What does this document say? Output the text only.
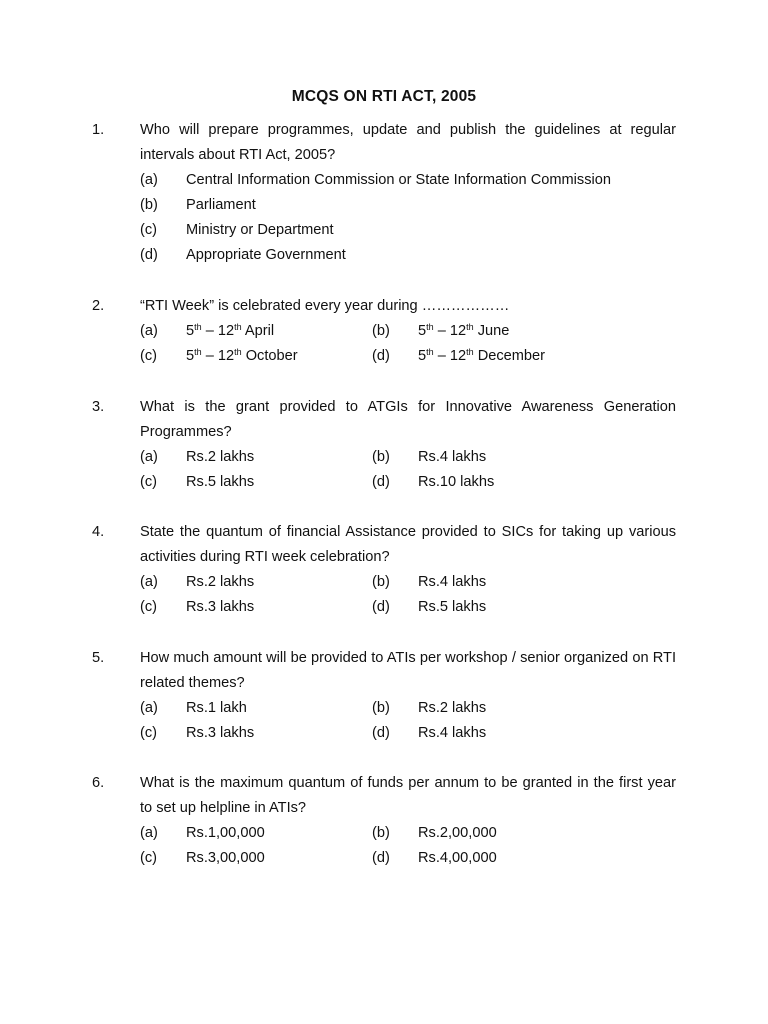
MCQS ON RTI ACT, 2005
1.	Who will prepare programmes, update and publish the guidelines at regular intervals about RTI Act, 2005?
(a) Central Information Commission or State Information Commission
(b) Parliament
(c) Ministry or Department
(d) Appropriate Government
2.	“RTI Week” is celebrated every year during ………………
(a) 5th – 12th April	(b) 5th – 12th June
(c) 5th – 12th October	(d) 5th – 12th December
3.	What is the grant provided to ATGIs for Innovative Awareness Generation Programmes?
(a) Rs.2 lakhs	(b) Rs.4 lakhs
(c) Rs.5 lakhs	(d) Rs.10 lakhs
4.	State the quantum of financial Assistance provided to SICs for taking up various activities during RTI week celebration?
(a) Rs.2 lakhs	(b) Rs.4 lakhs
(c) Rs.3 lakhs	(d) Rs.5 lakhs
5.	How much amount will be provided to ATIs per workshop / senior organized on RTI related themes?
(a) Rs.1 lakh	(b) Rs.2 lakhs
(c) Rs.3 lakhs	(d) Rs.4 lakhs
6.	What is the maximum quantum of funds per annum to be granted in the first year to set up helpline in ATIs?
(a) Rs.1,00,000	(b) Rs.2,00,000
(c) Rs.3,00,000	(d) Rs.4,00,000
